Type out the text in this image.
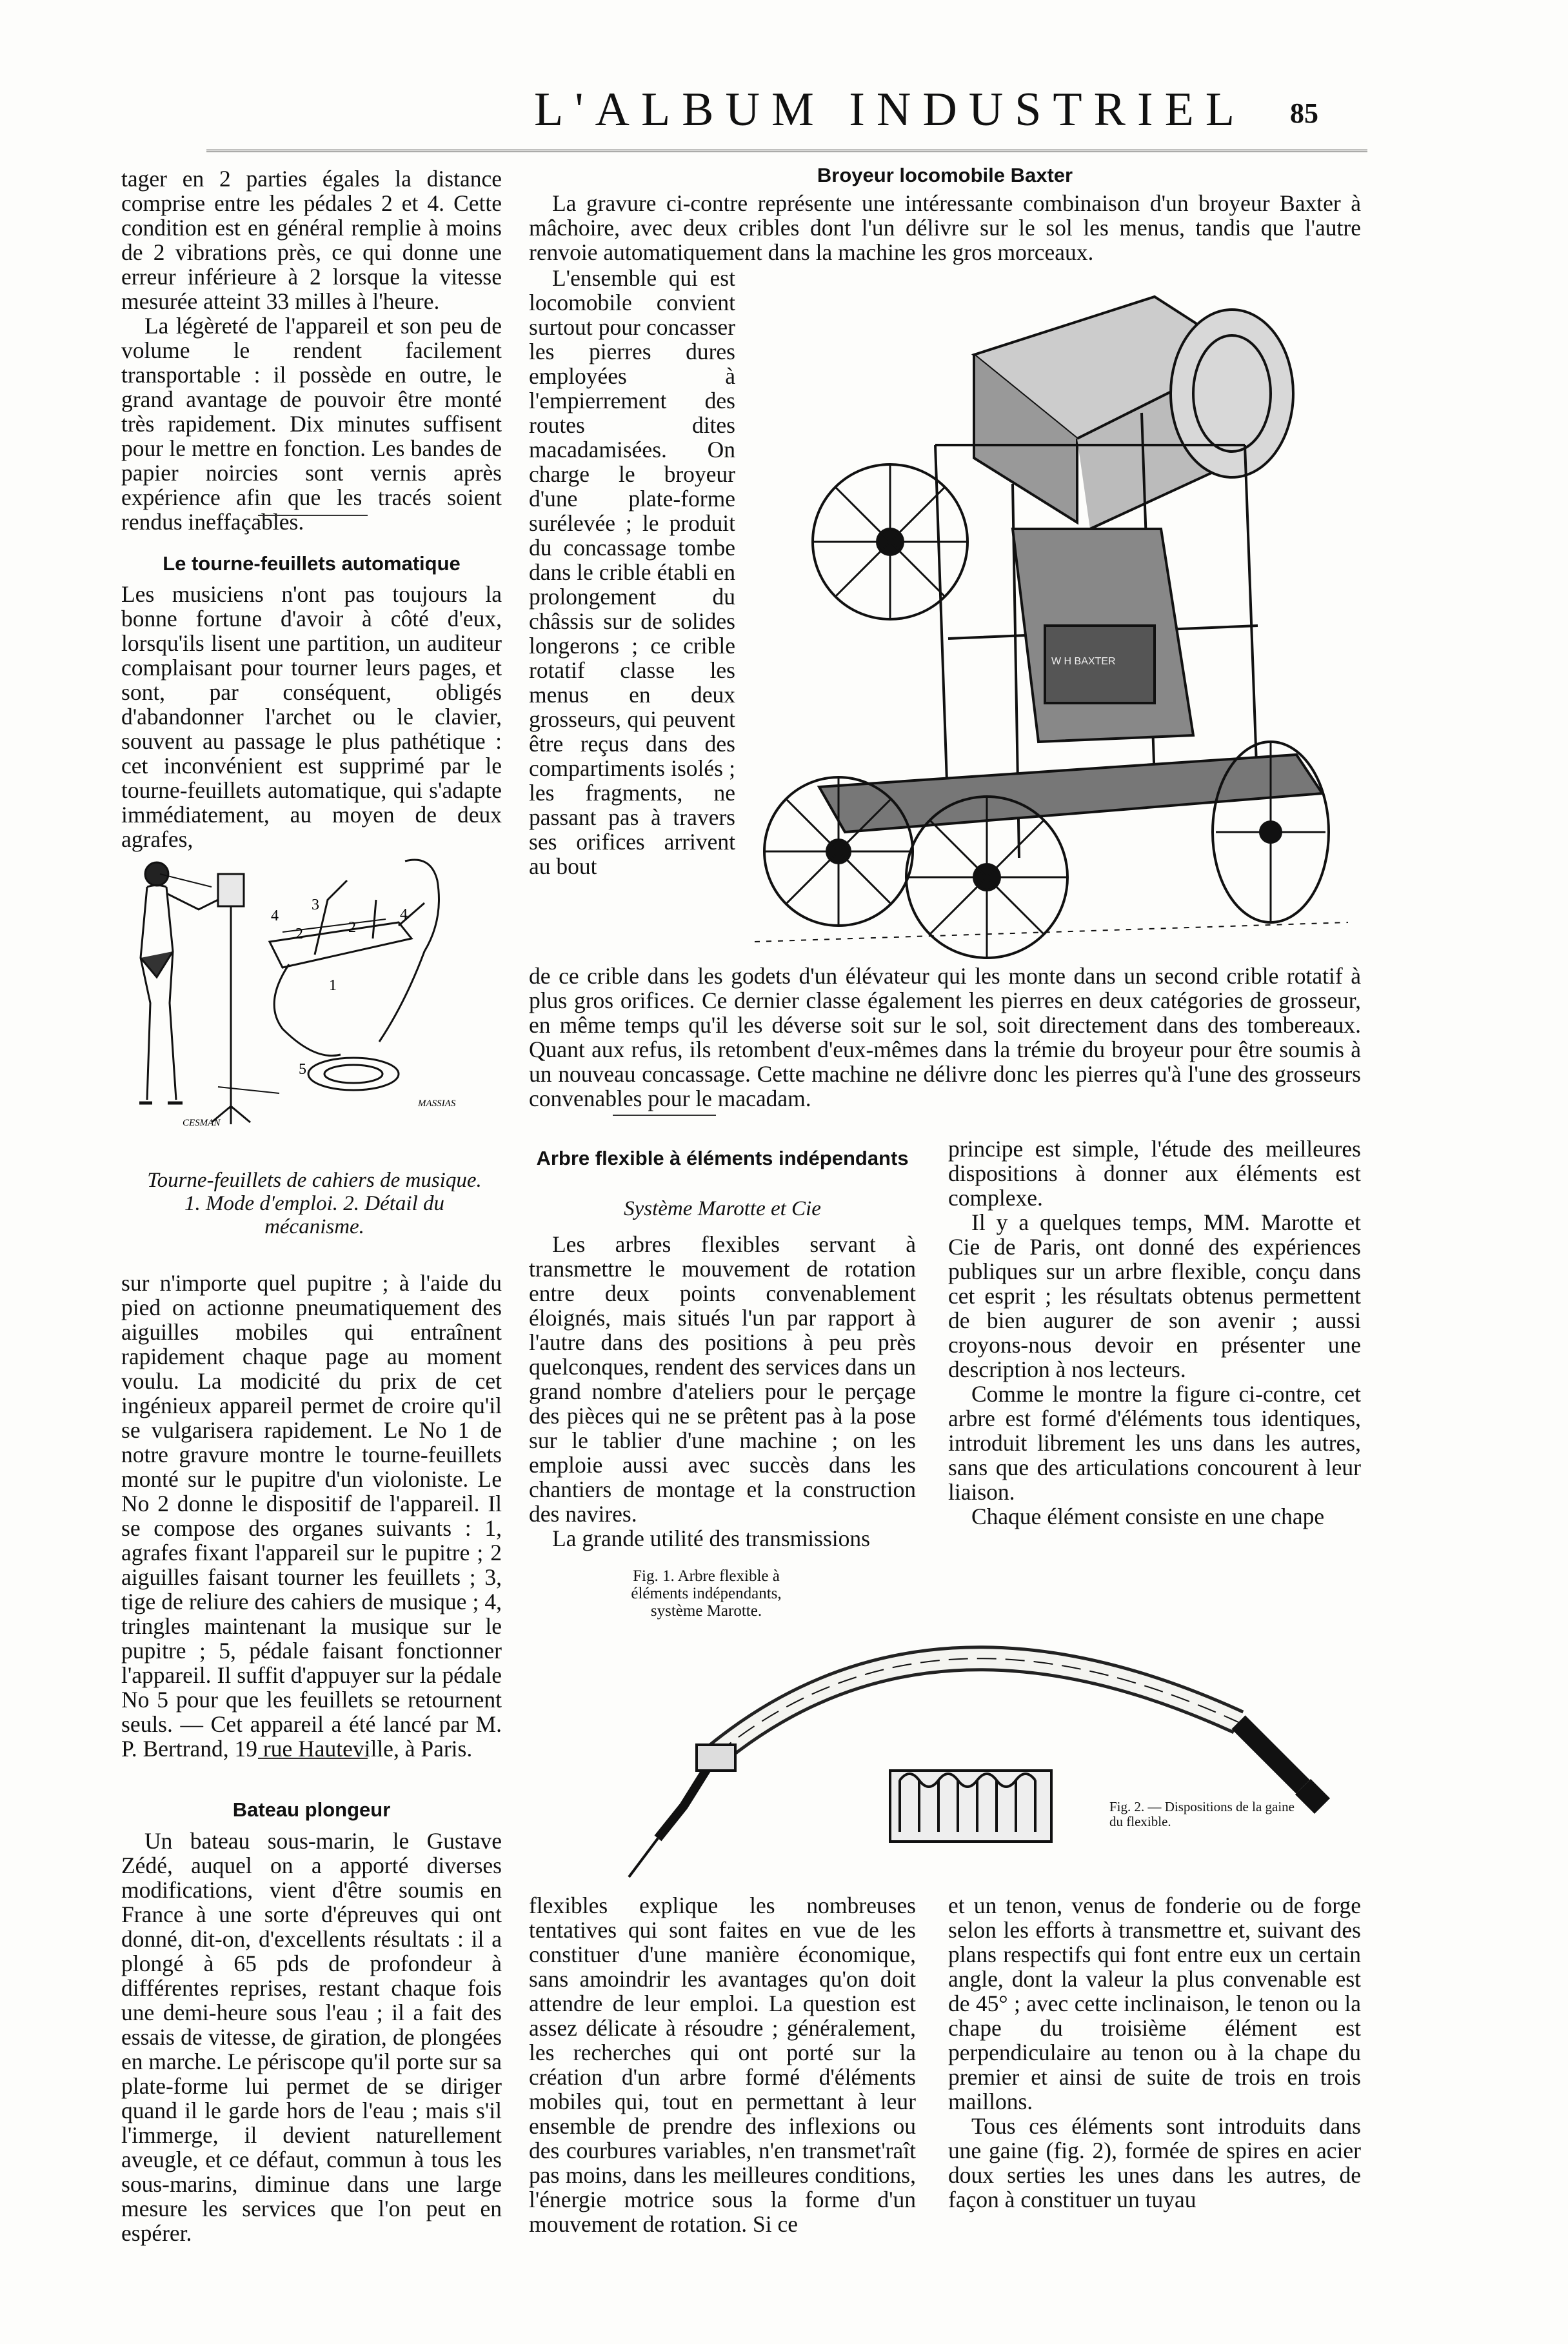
L'ALBUM INDUSTRIEL	85

tager en 2 parties égales la distance comprise entre les pédales 2 et 4. Cette condition est en général remplie à moins de 2 vibrations près, ce qui donne une erreur inférieure à 2 lorsque la vitesse mesurée atteint 33 milles à l'heure.

La légèreté de l'appareil et son peu de volume le rendent facilement transportable : il possède en outre, le grand avantage de pouvoir être monté très rapidement. Dix minutes suffisent pour le mettre en fonction. Les bandes de papier noircies sont vernis après expérience afin que les tracés soient rendus ineffaçables.

Le tourne-feuillets automatique

Les musiciens n'ont pas toujours la bonne fortune d'avoir à côté d'eux, lorsqu'ils lisent une partition, un auditeur complaisant pour tourner leurs pages, et sont, par conséquent, obligés d'abandonner l'archet ou le clavier, souvent au passage le plus pathétique : cet inconvénient est supprimé par le tourne-feuillets automatique, qui s'adapte immédiatement, au moyen de deux agrafes,

3
4	4
2	2
1
5
CESMAN
MASSIAS
Tourne-feuillets de cahiers de musique. 1. Mode d'emploi. 2. Détail du mécanisme.

sur n'importe quel pupitre ; à l'aide du pied on actionne pneumatiquement des aiguilles mobiles qui entraînent rapidement chaque page au moment voulu. La modicité du prix de cet ingénieux appareil permet de croire qu'il se vulgarisera rapidement. Le No 1 de notre gravure montre le tourne-feuillets monté sur le pupitre d'un violoniste. Le No 2 donne le dispositif de l'appareil. Il se compose des organes suivants : 1, agrafes fixant l'appareil sur le pupitre ; 2 aiguilles faisant tourner les feuillets ; 3, tige de reliure des cahiers de musique ; 4, tringles maintenant la musique sur le pupitre ; 5, pédale faisant fonctionner l'appareil. Il suffit d'appuyer sur la pédale No 5 pour que les feuillets se retournent seuls. — Cet appareil a été lancé par M. P. Bertrand, 19 rue Hauteville, à Paris.

Bateau plongeur

Un bateau sous-marin, le Gustave Zédé, auquel on a apporté diverses modifications, vient d'être soumis en France à une sorte d'épreuves qui ont donné, dit-on, d'excellents résultats : il a plongé à 65 pds de profondeur à différentes reprises, restant chaque fois une demi-heure sous l'eau ; il a fait des essais de vitesse, de giration, de plongées en marche. Le périscope qu'il porte sur sa plate-forme lui permet de se diriger quand il le garde hors de l'eau ; mais s'il l'immerge, il devient naturellement aveugle, et ce défaut, commun à tous les sous-marins, diminue dans une large mesure les services que l'on peut en espérer.

Broyeur locomobile Baxter

La gravure ci-contre représente une intéressante combinaison d'un broyeur Baxter à mâchoire, avec deux cribles dont l'un délivre sur le sol les menus, tandis que l'autre renvoie automatiquement dans la machine les gros morceaux.

L'ensemble qui est locomobile convient surtout pour concasser les pierres dures employées à l'empierrement des routes dites macadamisées. On charge le broyeur d'une plate-forme surélevée ; le produit du concassage tombe dans le crible établi en prolongement du châssis sur de solides longerons ; ce crible rotatif classe les menus en deux grosseurs, qui peuvent être reçus dans des compartiments isolés ; les fragments, ne passant pas à travers ses orifices arrivent au bout

W H BAXTER

de ce crible dans les godets d'un élévateur qui les monte dans un second crible rotatif à plus gros orifices. Ce dernier classe également les pierres en deux catégories de grosseur, en même temps qu'il les déverse soit sur le sol, soit directement dans des tombereaux. Quant aux refus, ils retombent d'eux-mêmes dans la trémie du broyeur pour être soumis à un nouveau concassage. Cette machine ne délivre donc les pierres qu'à l'une des grosseurs convenables pour le macadam.

Arbre flexible à éléments indépendants
Système Marotte et Cie

Les arbres flexibles servant à transmettre le mouvement de rotation entre deux points convenablement éloignés, mais situés l'un par rapport à l'autre dans des positions à peu près quelconques, rendent des services dans un grand nombre d'ateliers pour le perçage des pièces qui ne se prêtent pas à la pose sur le tablier d'une machine ; on les emploie aussi avec succès dans les chantiers de montage et la construction des navires.

La grande utilité des transmissions

principe est simple, l'étude des meilleures dispositions à donner aux éléments est complexe.

Il y a quelques temps, MM. Marotte et Cie de Paris, ont donné des expériences publiques sur un arbre flexible, conçu dans cet esprit ; les résultats obtenus permettent de bien augurer de son avenir ; aussi croyons-nous devoir en présenter une description à nos lecteurs.

Comme le montre la figure ci-contre, cet arbre est formé d'éléments tous identiques, introduit librement les uns dans les autres, sans que des articulations concourent à leur liaison.

Chaque élément consiste en une chape

Fig. 1. Arbre flexible à éléments indépendants, système Marotte.
Fig. 2. — Dispositions de la gaine du flexible.

flexibles explique les nombreuses tentatives qui sont faites en vue de les constituer d'une manière économique, sans amoindrir les avantages qu'on doit attendre de leur emploi. La question est assez délicate à résoudre ; généralement, les recherches qui ont porté sur la création d'un arbre formé d'éléments mobiles qui, tout en permettant à leur ensemble de prendre des inflexions ou des courbures variables, n'en transmet'raît pas moins, dans les meilleures conditions, l'énergie motrice sous la forme d'un mouvement de rotation. Si ce

et un tenon, venus de fonderie ou de forge selon les efforts à transmettre et, suivant des plans respectifs qui font entre eux un certain angle, dont la valeur la plus convenable est de 45° ; avec cette inclinaison, le tenon ou la chape du troisième élément est perpendiculaire au tenon ou à la chape du premier et ainsi de suite de trois en trois maillons.

Tous ces éléments sont introduits dans une gaine (fig. 2), formée de spires en acier doux serties les unes dans les autres, de façon à constituer un tuyau
